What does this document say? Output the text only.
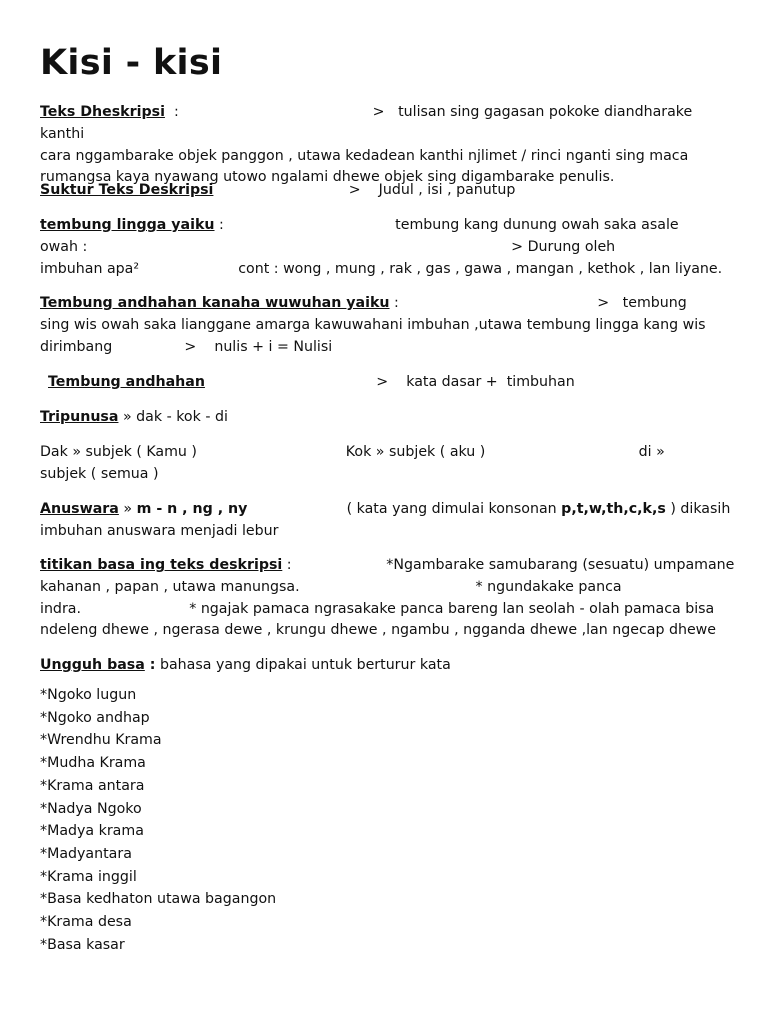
Kisi - kisi

Teks Dheskripsi  :                                           >   tulisan sing gagasan pokoke diandharake kanthi

cara nggambarake objek panggon , utawa kedadean kanthi njlimet / rinci nganti sing maca

rumangsa kaya nyawang utowo ngalami dhewe objek sing digambarake penulis.

Suktur Teks Deskripsi                              >    Judul , isi , panutup

tembung lingga yaiku :                                      tembung kang dunung owah saka asale

owah :                                                                                              > Durung oleh

imbuhan apa²                      cont : wong , mung , rak , gas , gawa , mangan , kethok , lan liyane.

Tembung andhahan kanaha wuwuhan yaiku :                                            >   tembung

sing wis owah saka lianggane amarga kawuwahani imbuhan ,utawa tembung lingga kang wis

dirimbang                >    nulis + i = Nulisi

Tembung andhahan                                      >    kata dasar +  timbuhan

Tripunusa » dak - kok - di

Dak » subjek ( Kamu )                                 Kok » subjek ( aku )                                  di »

subjek ( semua )

Anuswara » m - n , ng , ny                      ( kata yang dimulai konsonan p,t,w,th,c,k,s ) dikasih

imbuhan anuswara menjadi lebur

titikan basa ing teks deskripsi :                     *Ngambarake samubarang (sesuatu) umpamane

kahanan , papan , utawa manungsa.                                       * ngundakake panca

indra.                        * ngajak pamaca ngrasakake panca bareng lan seolah - olah pamaca bisa

ndeleng dhewe , ngerasa dewe , krungu dhewe , ngambu , ngganda dhewe ,lan ngecap dhewe

Ungguh basa : bahasa yang dipakai untuk berturur kata

*Ngoko lugun
*Ngoko andhap
*Wrendhu Krama
*Mudha Krama
*Krama antara
*Nadya Ngoko
*Madya krama
*Madyantara
*Krama inggil
*Basa kedhaton utawa bagangon
*Krama desa
*Basa kasar
